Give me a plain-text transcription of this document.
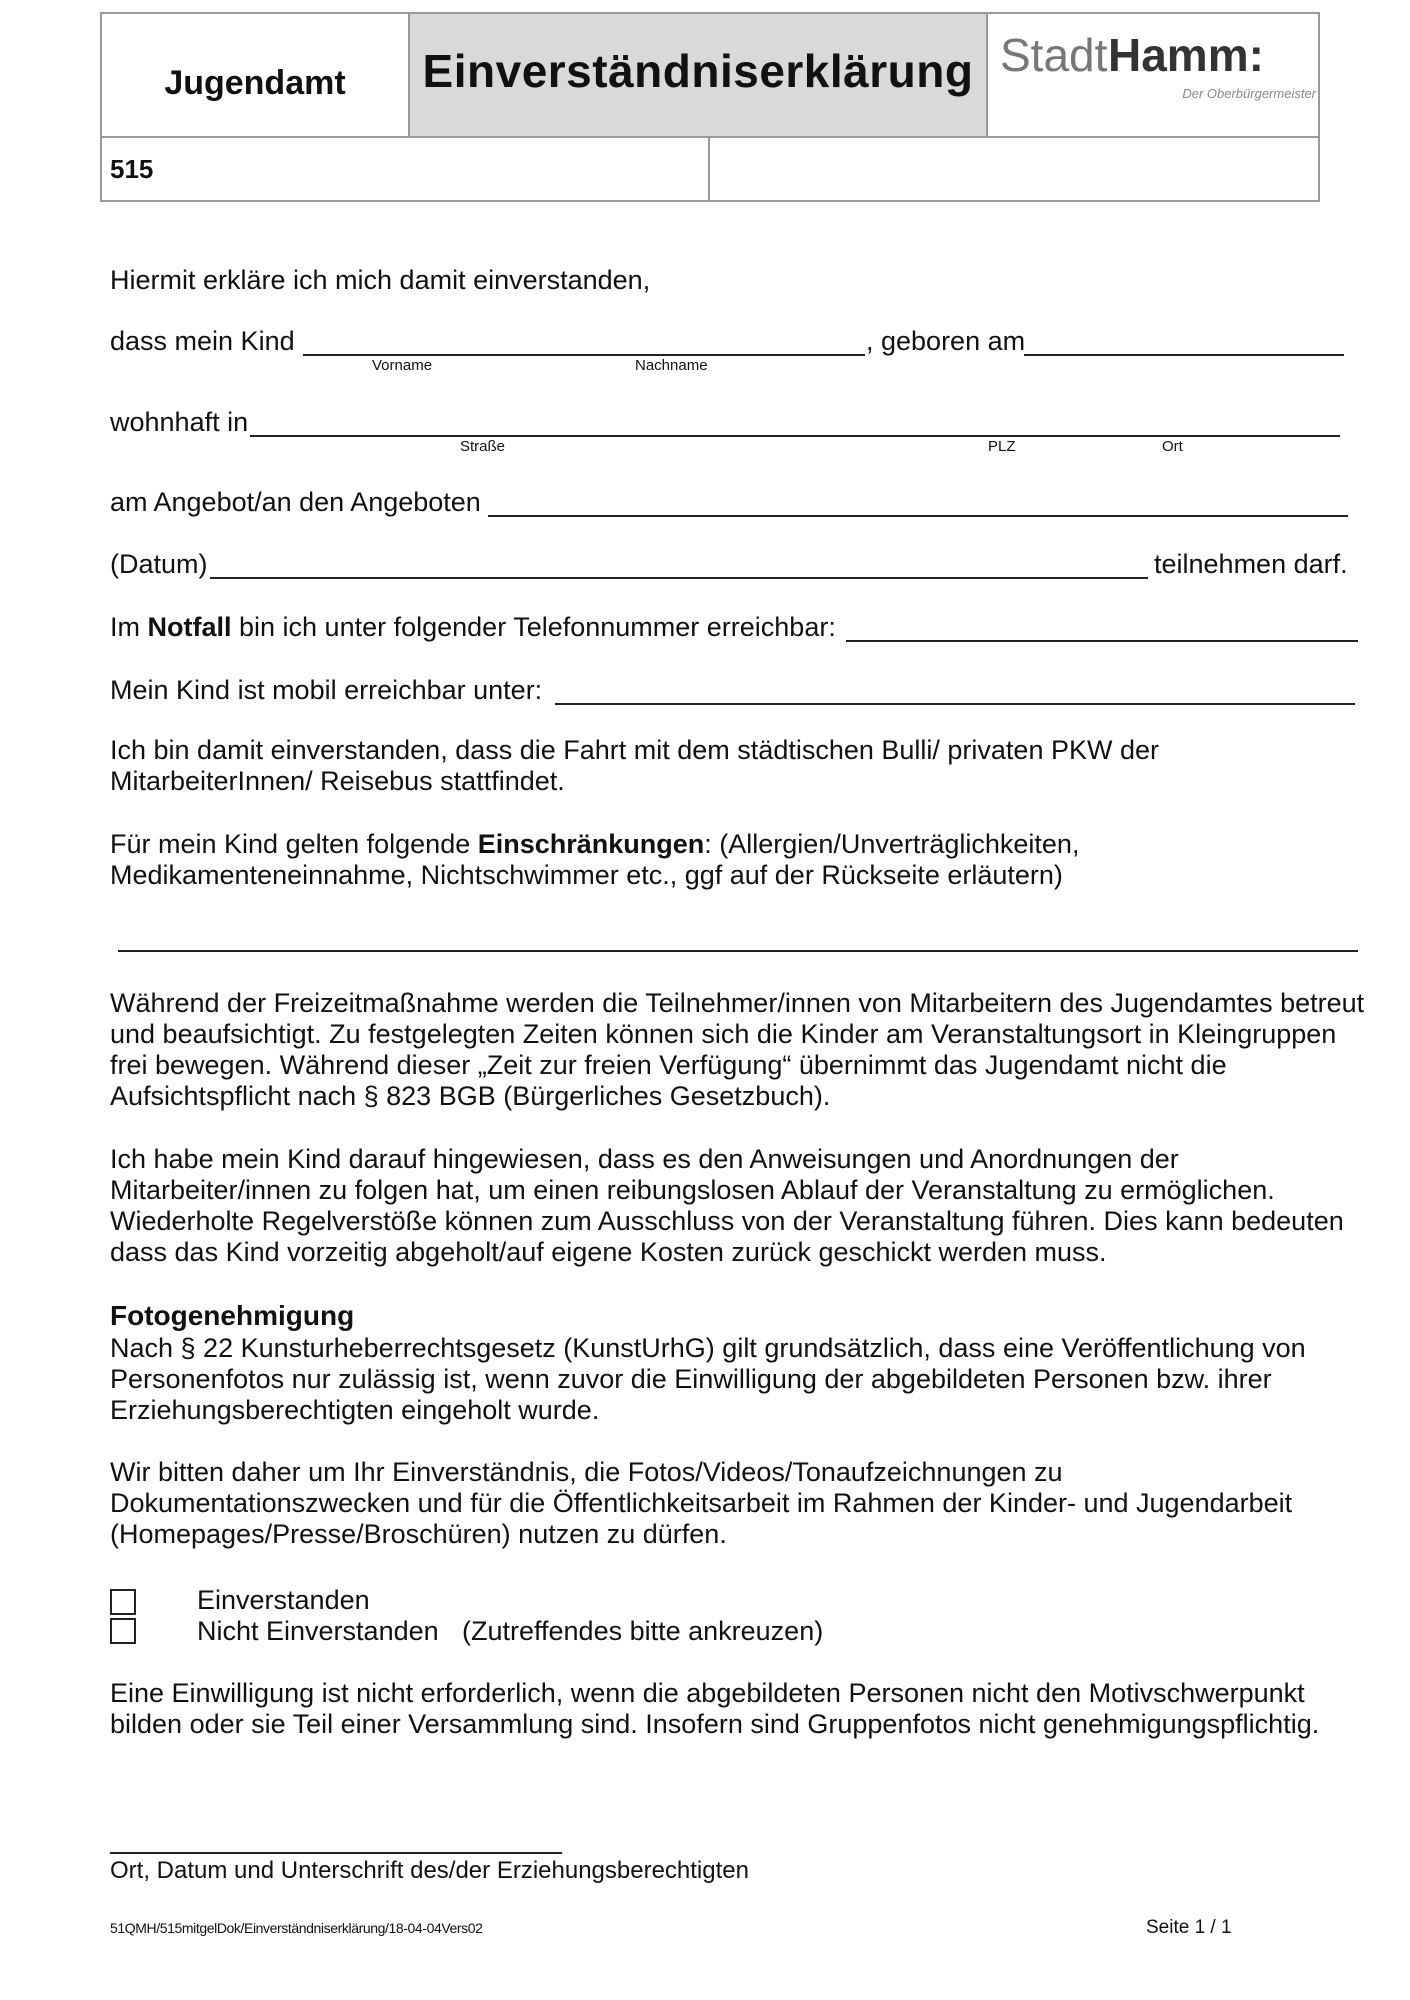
Jugendamt Einverständniserklärung Stadt Hamm:
Der Oberbürgermeister
515
Hiermit erkläre ich mich damit einverstanden,
dass mein Kind	, geboren am
Vorname	Nachname
wohnhaft in
Straße	PLZ	Ort
am Angebot/an den Angeboten
(Datum)	teilnehmen darf.
Im Notfall bin ich unter folgender Telefonnummer erreichbar:
Mein Kind ist mobil erreichbar unter:
Ich bin damit einverstanden, dass die Fahrt mit dem städtischen Bulli/ privaten PKW der MitarbeiterInnen/ Reisebus stattfindet.
Für mein Kind gelten folgende Einschränkungen: (Allergien/Unverträglichkeiten, Medikamenteneinnahme, Nichtschwimmer etc., ggf auf der Rückseite erläutern)
Während der Freizeitmaßnahme werden die Teilnehmer/innen von Mitarbeitern des Jugendamtes betreut und beaufsichtigt. Zu festgelegten Zeiten können sich die Kinder am Veranstaltungsort in Kleingruppen frei bewegen. Während dieser „Zeit zur freien Verfügung“ übernimmt das Jugendamt nicht die Aufsichtspflicht nach § 823 BGB (Bürgerliches Gesetzbuch).
Ich habe mein Kind darauf hingewiesen, dass es den Anweisungen und Anordnungen der Mitarbeiter/innen zu folgen hat, um einen reibungslosen Ablauf der Veranstaltung zu ermöglichen. Wiederholte Regelverstöße können zum Ausschluss von der Veranstaltung führen. Dies kann bedeuten dass das Kind vorzeitig abgeholt/auf eigene Kosten zurück geschickt werden muss.
Fotogenehmigung
Nach § 22 Kunsturheberrechtsgesetz (KunstUrhG) gilt grundsätzlich, dass eine Veröffentlichung von Personenfotos nur zulässig ist, wenn zuvor die Einwilligung der abgebildeten Personen bzw. ihrer Erziehungsberechtigten eingeholt wurde.
Wir bitten daher um Ihr Einverständnis, die Fotos/Videos/Tonaufzeichnungen zu Dokumentationszwecken und für die Öffentlichkeitsarbeit im Rahmen der Kinder- und Jugendarbeit (Homepages/Presse/Broschüren) nutzen zu dürfen.
Einverstanden
Nicht Einverstanden (Zutreffendes bitte ankreuzen)
Eine Einwilligung ist nicht erforderlich, wenn die abgebildeten Personen nicht den Motivschwerpunkt bilden oder sie Teil einer Versammlung sind. Insofern sind Gruppenfotos nicht genehmigungspflichtig.
Ort, Datum und Unterschrift des/der Erziehungsberechtigten
51QMH/515mitgelDok/Einverständniserklärung/18-04-04Vers02	Seite 1 / 1
